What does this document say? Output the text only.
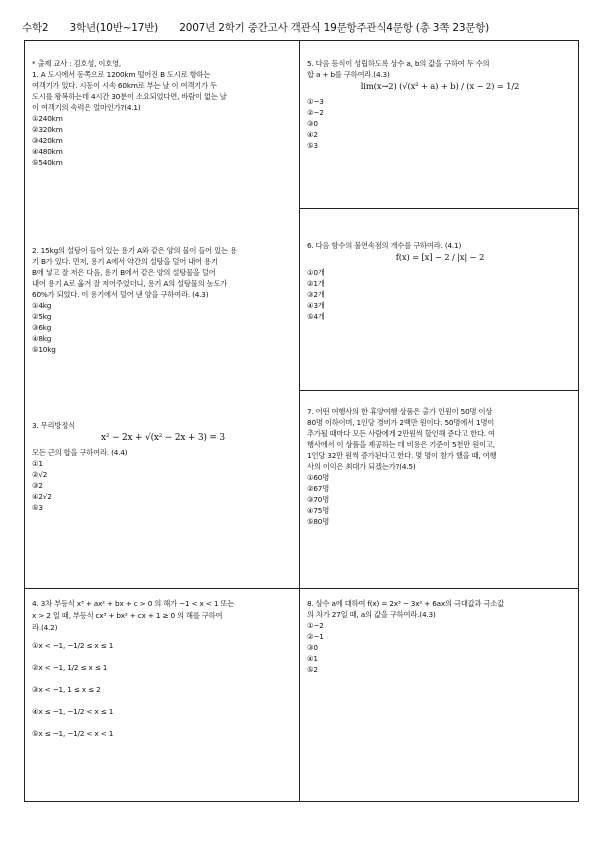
수학2 3학년(10반~17반) 2007년 2학기 중간고사 객관식 19문항주관식4문항 (총 3쪽 23문항)
* 출제 교사 : 김호성, 이호영,
1. A 도시에서 동쪽으로 1200km 떨어진 B 도시로 항하는
여객기가 있다. 시동이 시속 60km로 부는 날 이 여객기가 두
도시를 왕복하는데 4시간 30분이 소요되었다면, 바람이 없는 날
이 여객기의 속력은 얼마인가?(4.1)
①240km
②320km
③420km
④480km
⑤540km
2. 15kg의 설탕이 들어 있는 용기 A와 같은 양의 물이 들어 있는 용
기 B가 있다. 먼저, 용기 A에서 약간의 설탕을 덜어 내어 용기
B에 넣고 잘 저은 다음, 용기 B에서 같은 양의 설탕물을 덜어
내어 용기 A로 옮겨 잘 저어주었더니, 용기 A의 설탕물의 농도가
60%가 되었다. 이 용기에서 덜어 낸 양을 구하여라. (4.3)
①4kg
②5kg
③6kg
④8kg
⑤10kg
3. 무리방정식
x² − 2x + √(x² − 2x + 3) = 3
모든 근의 합을 구하여라. (4.4)
①1
②√2
③2
④2√2
⑤3
4. 3차 부등식 x³ + ax² + bx + c > 0 의 해가 −1 < x < 1 또는
x > 2 일 때, 부등식 cx³ + bx² + cx + 1 ≥ 0 의 해를 구하여
라.(4.2)
①x < −1, −1/2 ≤ x ≤ 1
②x < −1, 1/2 ≤ x ≤ 1
③x < −1, 1 ≤ x ≤ 2
④x ≤ −1, −1/2 < x ≤ 1
⑤x ≤ −1, −1/2 < x < 1
5. 다음 등식이 성립하도록 상수 a, b의 값을 구하여 두 수의
합 a + b를 구하여라.(4.3)
lim(x→2) (√(x² + a) + b) / (x − 2) = 1/2
①−3
②−2
③0
④2
⑤3
6. 다음 함수의 불연속점의 개수를 구하여라. (4.1)
f(x) = [x] − 2 / |x| − 2
①0개
②1개
③2개
④3개
⑤4개
7. 어떤 여행사의 한 휴양여행 상품은 출가 인원이 50명 이상
80명 이하이며, 1인당 경비가 2백만 원이다. 50명에서 1명이
추가될 때마다 모든 사람에게 2만원씩 할인해 준다고 한다. 여
행사에서 이 상품을 제공하는 데 비용은 기준이 5천만 원이고,
1인당 32만 원씩 증가된다고 한다. 몇 명이 참가 했을 때, 여행
사의 이익은 최대가 되겠는가?(4.5)
①60명
②67명
③70명
④75명
⑤80명
8. 삼수 a에 대하여 f(x) = 2x³ − 3x² + 6ax의 극대값과 극소값
의 차가 27일 때, a의 값을 구하여라.(4.3)
①−2
②−1
③0
④1
⑤2
